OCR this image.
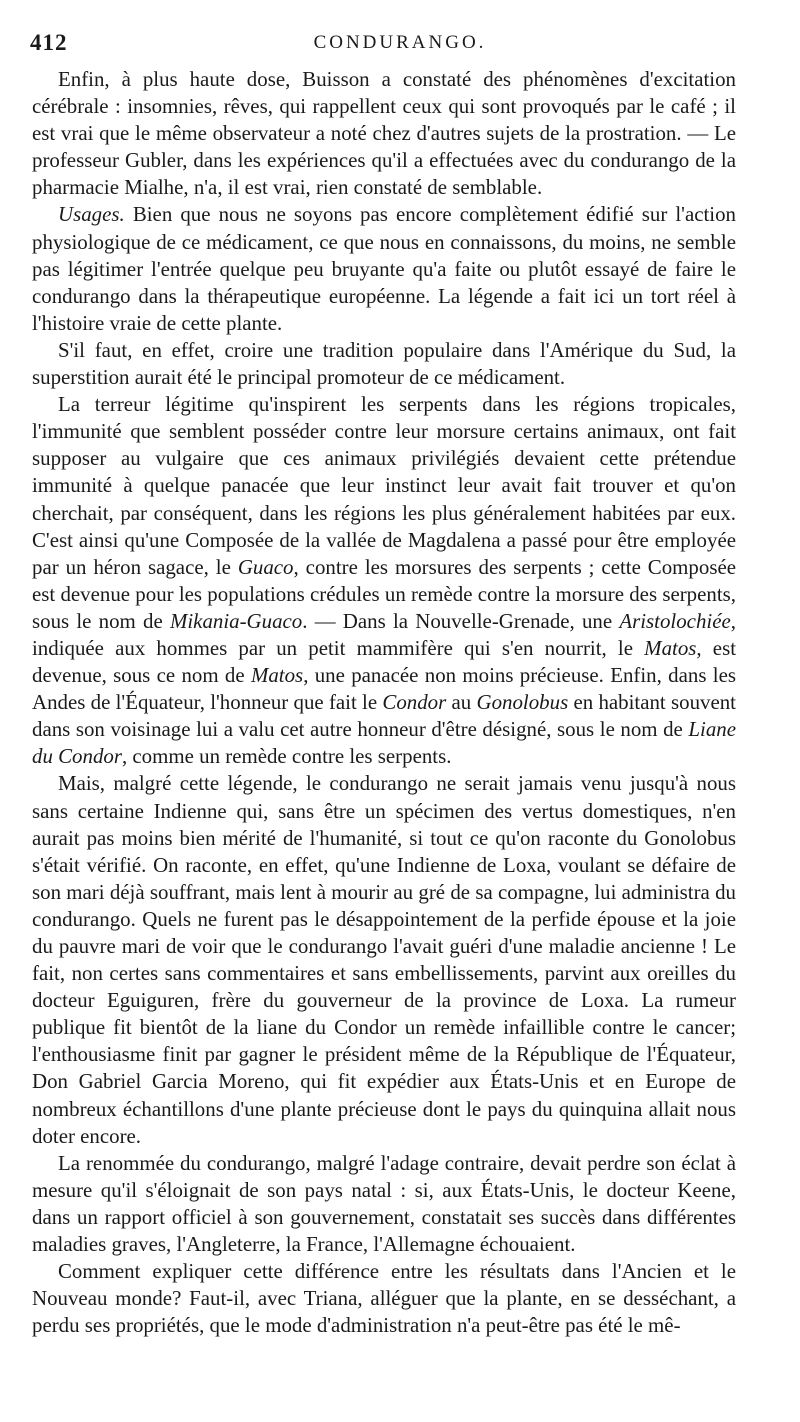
412	CONDURANGO.

Enfin, à plus haute dose, Buisson a constaté des phénomènes d'excitation cérébrale : insomnies, rêves, qui rappellent ceux qui sont provoqués par le café ; il est vrai que le même observateur a noté chez d'autres sujets de la prostration. — Le professeur Gubler, dans les expériences qu'il a effectuées avec du condurango de la pharmacie Mialhe, n'a, il est vrai, rien constaté de semblable.

Usages. Bien que nous ne soyons pas encore complètement édifié sur l'action physiologique de ce médicament, ce que nous en connaissons, du moins, ne semble pas légitimer l'entrée quelque peu bruyante qu'a faite ou plutôt essayé de faire le condurango dans la thérapeutique européenne. La légende a fait ici un tort réel à l'histoire vraie de cette plante.

S'il faut, en effet, croire une tradition populaire dans l'Amérique du Sud, la superstition aurait été le principal promoteur de ce médicament.

La terreur légitime qu'inspirent les serpents dans les régions tropicales, l'immunité que semblent posséder contre leur morsure certains animaux, ont fait supposer au vulgaire que ces animaux privilégiés devaient cette prétendue immunité à quelque panacée que leur instinct leur avait fait trouver et qu'on cherchait, par conséquent, dans les régions les plus généralement habitées par eux. C'est ainsi qu'une Composée de la vallée de Magdalena a passé pour être employée par un héron sagace, le Guaco, contre les morsures des serpents ; cette Composée est devenue pour les populations crédules un remède contre la morsure des serpents, sous le nom de Mikania-Guaco. — Dans la Nouvelle-Grenade, une Aristolochiée, indiquée aux hommes par un petit mammifère qui s'en nourrit, le Matos, est devenue, sous ce nom de Matos, une panacée non moins précieuse. Enfin, dans les Andes de l'Équateur, l'honneur que fait le Condor au Gonolobus en habitant souvent dans son voisinage lui a valu cet autre honneur d'être désigné, sous le nom de Liane du Condor, comme un remède contre les serpents.

Mais, malgré cette légende, le condurango ne serait jamais venu jusqu'à nous sans certaine Indienne qui, sans être un spécimen des vertus domestiques, n'en aurait pas moins bien mérité de l'humanité, si tout ce qu'on raconte du Gonolobus s'était vérifié. On raconte, en effet, qu'une Indienne de Loxa, voulant se défaire de son mari déjà souffrant, mais lent à mourir au gré de sa compagne, lui administra du condurango. Quels ne furent pas le désappointement de la perfide épouse et la joie du pauvre mari de voir que le condurango l'avait guéri d'une maladie ancienne ! Le fait, non certes sans commentaires et sans embellissements, parvint aux oreilles du docteur Eguiguren, frère du gouverneur de la province de Loxa. La rumeur publique fit bientôt de la liane du Condor un remède infaillible contre le cancer; l'enthousiasme finit par gagner le président même de la République de l'Équateur, Don Gabriel Garcia Moreno, qui fit expédier aux États-Unis et en Europe de nombreux échantillons d'une plante précieuse dont le pays du quinquina allait nous doter encore.

La renommée du condurango, malgré l'adage contraire, devait perdre son éclat à mesure qu'il s'éloignait de son pays natal : si, aux États-Unis, le docteur Keene, dans un rapport officiel à son gouvernement, constatait ses succès dans différentes maladies graves, l'Angleterre, la France, l'Allemagne échouaient.

Comment expliquer cette différence entre les résultats dans l'Ancien et le Nouveau monde? Faut-il, avec Triana, alléguer que la plante, en se desséchant, a perdu ses propriétés, que le mode d'administration n'a peut-être pas été le mê-
